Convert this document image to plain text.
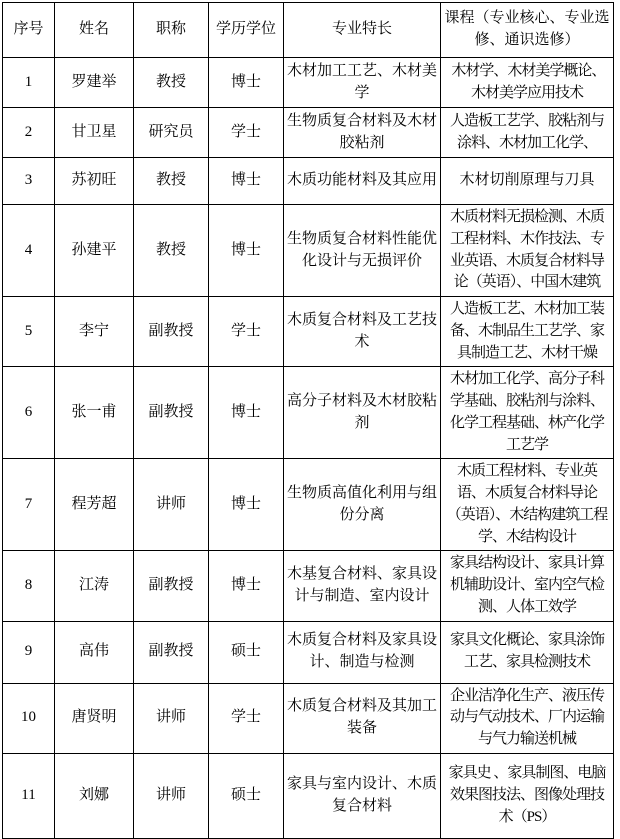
序号	姓名	职称	学历学位	专业特长	课程（专业核心、专业选修、通识选修）
1	罗建举	教授	博士	木材加工工艺、木材美学	木材学、木材美学概论、木材美学应用技术
2	甘卫星	研究员	学士	生物质复合材料及木材胶粘剂	人造板工艺学、胶粘剂与涂料、木材加工化学、
3	苏初旺	教授	博士	木质功能材料及其应用	木材切削原理与刀具
4	孙建平	教授	博士	生物质复合材料性能优化设计与无损评价	木质材料无损检测、木质工程材料、木作技法、专业英语、木质复合材料导论（英语）、中国木建筑
5	李宁	副教授	学士	木质复合材料及工艺技术	人造板工艺、木材加工装备、木制品生工艺学、家具制造工艺、木材干燥
6	张一甫	副教授	博士	高分子材料及木材胶粘剂	木材加工化学、高分子科学基础、胶粘剂与涂料、化学工程基础、林产化学工艺学
7	程芳超	讲师	博士	生物质高值化利用与组份分离	木质工程材料、专业英语、木质复合材料导论（英语）、木结构建筑工程学、木结构设计
8	江涛	副教授	博士	木基复合材料、家具设计与制造、室内设计	家具结构设计、家具计算机辅助设计、室内空气检测、人体工效学
9	高伟	副教授	硕士	木质复合材料及家具设计、制造与检测	家具文化概论、家具涂饰工艺、家具检测技术
10	唐贤明	讲师	学士	木质复合材料及其加工装备	企业洁净化生产、液压传动与气动技术、厂内运输与气力输送机械
11	刘娜	讲师	硕士	家具与室内设计、木质复合材料	家具史 、家具制图、电脑效果图技法、图像处理技术（PS）
